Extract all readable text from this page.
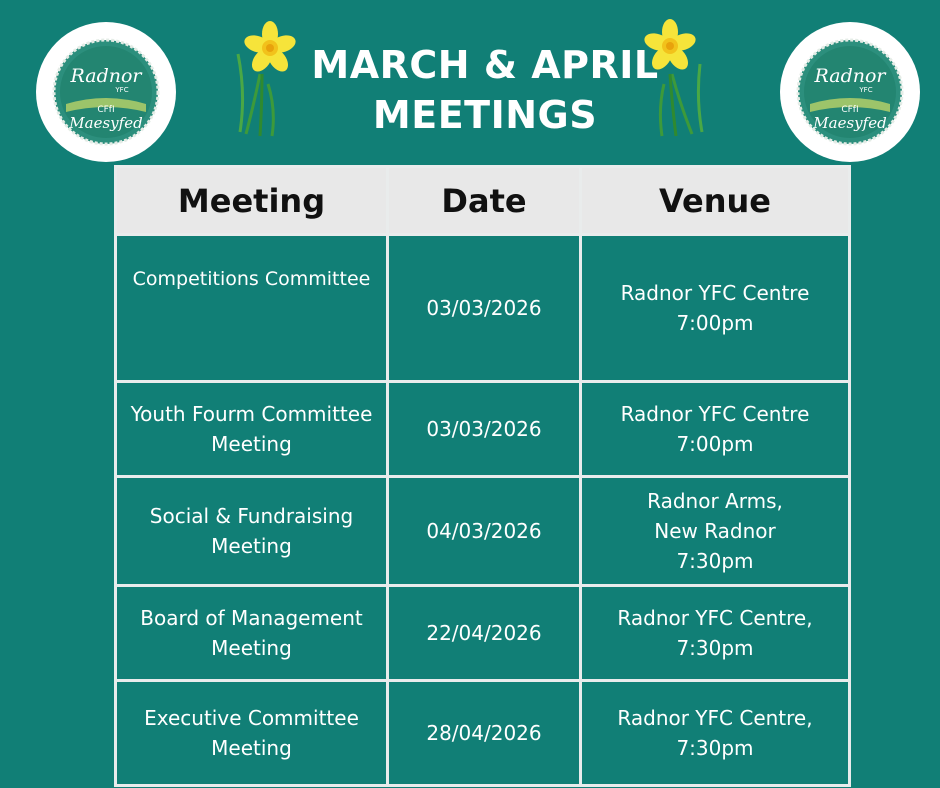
Radnor
YFC
CFfI
Maesyfed
Radnor
YFC
CFfI
Maesyfed
MARCH & APRIL
MEETINGS
Meeting	Date	Venue

Competitions Committee	03/03/2026	Radnor YFC Centre
7:00pm

Youth Fourm Committee
Meeting	03/03/2026	Radnor YFC Centre
7:00pm

Social & Fundraising
Meeting	04/03/2026	Radnor Arms,
New Radnor
7:30pm

Board of Management
Meeting	22/04/2026	Radnor YFC Centre,
7:30pm

Executive Committee
Meeting	28/04/2026	Radnor YFC Centre,
7:30pm
